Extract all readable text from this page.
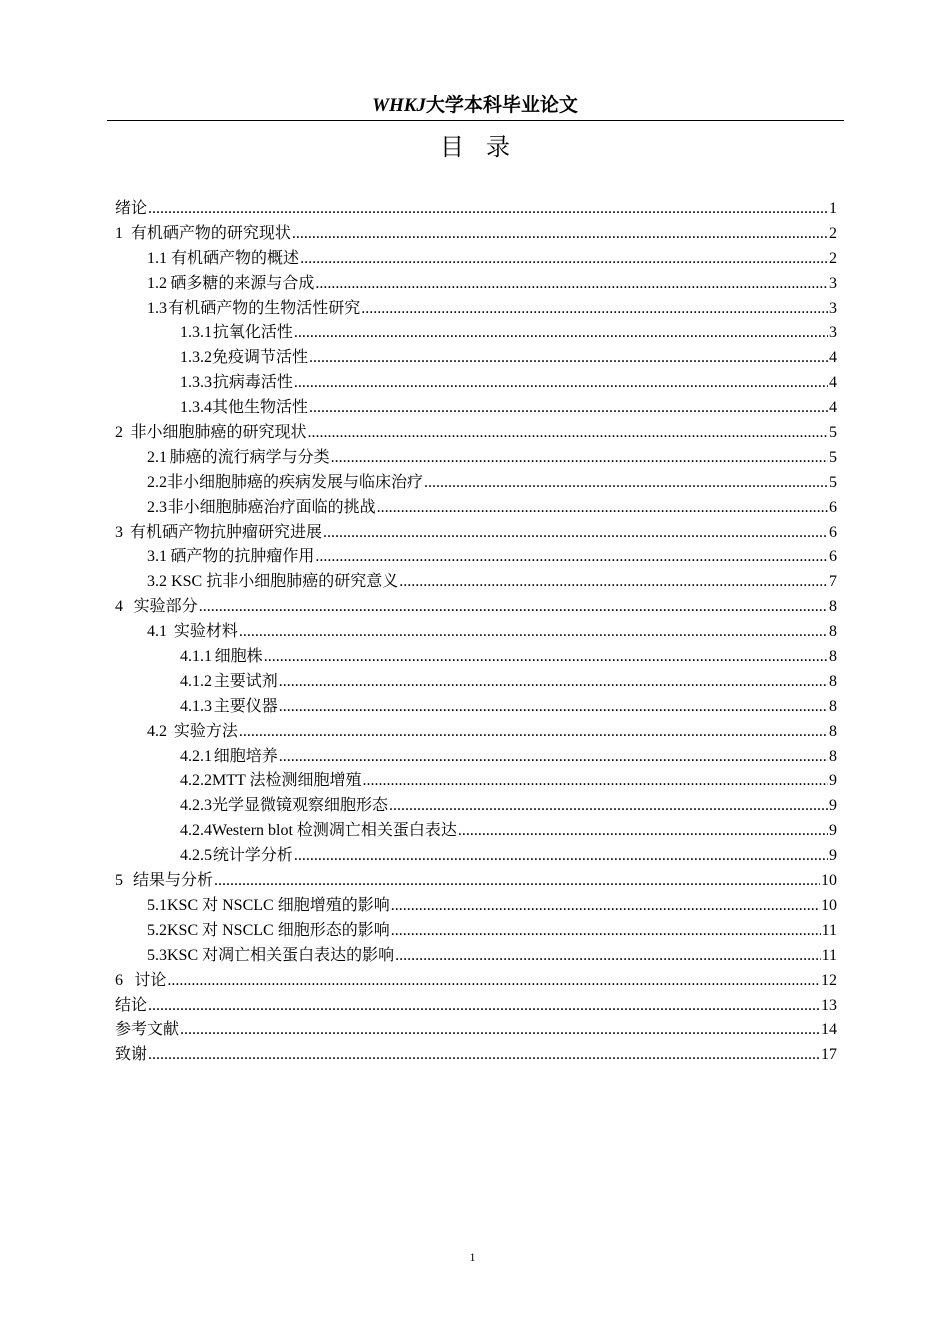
WHKJ大学本科毕业论文
目录
绪论 .....	1
1 有机硒产物的研究现状 .....	2
1.1 有机硒产物的概述 .....	2
1.2 硒多糖的来源与合成 .....	3
1.3 有机硒产物的生物活性研究 .....	3
1.3.1 抗氧化活性 .....	3
1.3.2 免疫调节活性 .....	4
1.3.3 抗病毒活性 .....	4
1.3.4 其他生物活性 .....	4
2 非小细胞肺癌的研究现状 .....	5
2.1 肺癌的流行病学与分类 .....	5
2.2 非小细胞肺癌的疾病发展与临床治疗 .....	5
2.3 非小细胞肺癌治疗面临的挑战 .....	6
3 有机硒产物抗肿瘤研究进展 .....	6
3.1 硒产物的抗肿瘤作用 .....	6
3.2 KSC 抗非小细胞肺癌的研究意义 .....	7
4 实验部分 .....	8
4.1 实验材料 .....	8
4.1.1 细胞株 .....	8
4.1.2 主要试剂 .....	8
4.1.3 主要仪器 .....	8
4.2 实验方法 .....	8
4.2.1 细胞培养 .....	8
4.2.2 MTT 法检测细胞增殖 .....	9
4.2.3 光学显微镜观察细胞形态 .....	9
4.2.4 Western blot 检测凋亡相关蛋白表达 .....	9
4.2.5 统计学分析 .....	9
5 结果与分析 .....	10
5.1 KSC 对 NSCLC 细胞增殖的影响 .....	10
5.2 KSC 对 NSCLC 细胞形态的影响 .....	11
5.3 KSC 对凋亡相关蛋白表达的影响 .....	11
6 讨论 .....	12
结论 .....	13
参考文献 .....	14
致谢 .....	17
1
